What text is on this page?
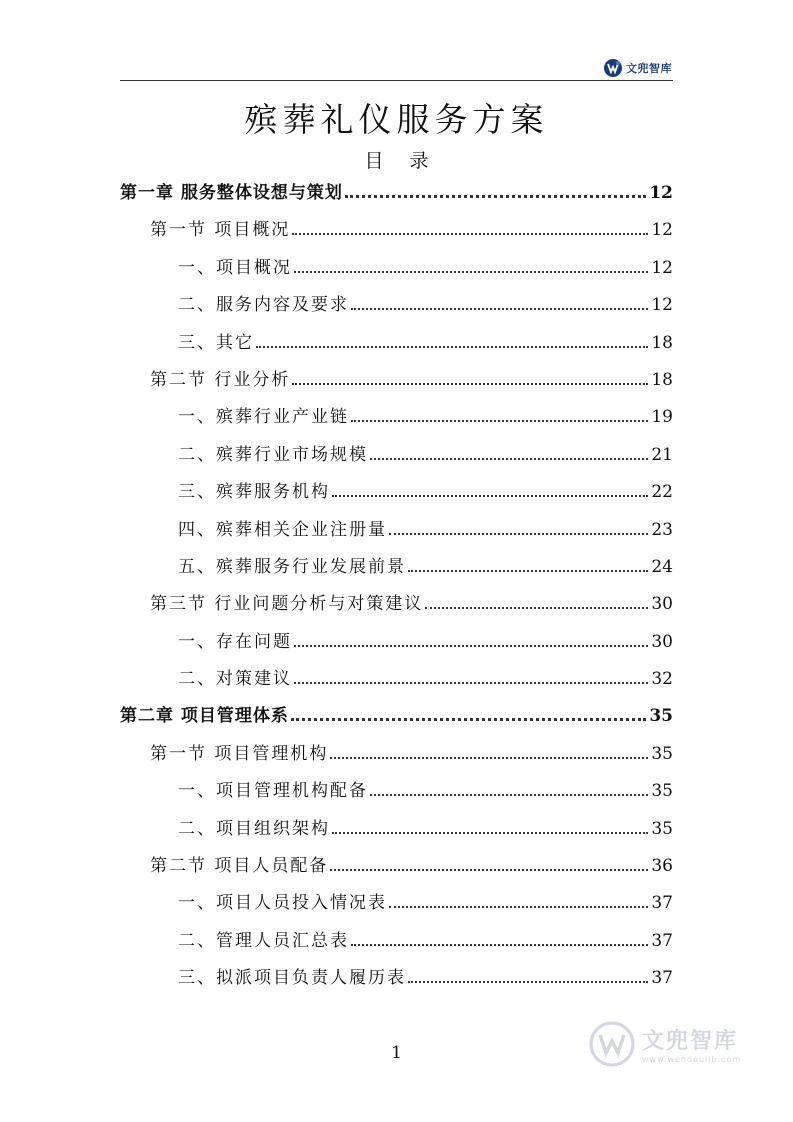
文兜智库
殡葬礼仪服务方案
目 录
第一章 服务整体设想与策划	12
第一节 项目概况	12
一、项目概况	12
二、服务内容及要求	12
三、其它	18
第二节 行业分析	18
一、殡葬行业产业链	19
二、殡葬行业市场规模	21
三、殡葬服务机构	22
四、殡葬相关企业注册量	23
五、殡葬服务行业发展前景	24
第三节 行业问题分析与对策建议	30
一、存在问题	30
二、对策建议	32
第二章 项目管理体系	35
第一节 项目管理机构	35
一、项目管理机构配备	35
二、项目组织架构	35
第二节 项目人员配备	36
一、项目人员投入情况表	37
二、管理人员汇总表	37
三、拟派项目负责人履历表	37
1	文兜智库
www.wendoulib.com
